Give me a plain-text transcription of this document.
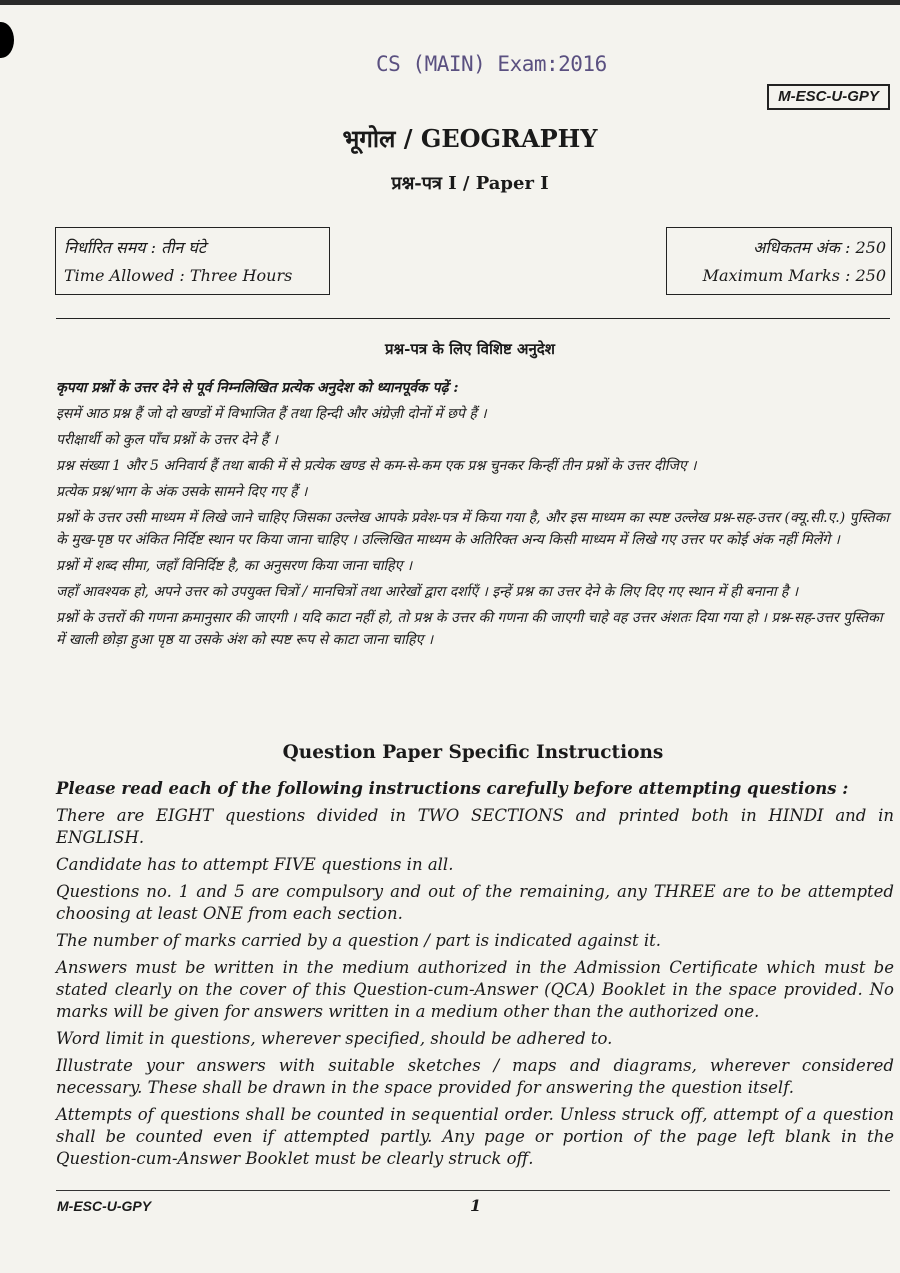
CS (MAIN) Exam:2016
M-ESC-U-GPY
भूगोल / GEOGRAPHY
प्रश्न-पत्र I / Paper I
निर्धारित समय : तीन घंटे
Time Allowed : Three Hours
अधिकतम अंक : 250
Maximum Marks : 250
प्रश्न-पत्र के लिए विशिष्ट अनुदेश

कृपया प्रश्नों के उत्तर देने से पूर्व निम्नलिखित प्रत्येक अनुदेश को ध्यानपूर्वक पढ़ें :

इसमें आठ प्रश्न हैं जो दो खण्डों में विभाजित हैं तथा हिन्दी और अंग्रेज़ी दोनों में छपे हैं ।

परीक्षार्थी को कुल पाँच प्रश्नों के उत्तर देने हैं ।

प्रश्न संख्या 1 और 5 अनिवार्य हैं तथा बाकी में से प्रत्येक खण्ड से कम-से-कम एक प्रश्न चुनकर किन्हीं तीन प्रश्नों के उत्तर दीजिए ।

प्रत्येक प्रश्न/भाग के अंक उसके सामने दिए गए हैं ।

प्रश्नों के उत्तर उसी माध्यम में लिखे जाने चाहिए जिसका उल्लेख आपके प्रवेश-पत्र में किया गया है, और इस माध्यम का स्पष्ट उल्लेख प्रश्न-सह-उत्तर (क्यू.सी.ए.) पुस्तिका के मुख-पृष्ठ पर अंकित निर्दिष्ट स्थान पर किया जाना चाहिए । उल्लिखित माध्यम के अतिरिक्त अन्य किसी माध्यम में लिखे गए उत्तर पर कोई अंक नहीं मिलेंगे ।

प्रश्नों में शब्द सीमा, जहाँ विनिर्दिष्ट है, का अनुसरण किया जाना चाहिए ।

जहाँ आवश्यक हो, अपने उत्तर को उपयुक्त चित्रों / मानचित्रों तथा आरेखों द्वारा दर्शाएँ । इन्हें प्रश्न का उत्तर देने के लिए दिए गए स्थान में ही बनाना है ।

प्रश्नों के उत्तरों की गणना क्रमानुसार की जाएगी । यदि काटा नहीं हो, तो प्रश्न के उत्तर की गणना की जाएगी चाहे वह उत्तर अंशतः दिया गया हो । प्रश्न-सह-उत्तर पुस्तिका में खाली छोड़ा हुआ पृष्ठ या उसके अंश को स्पष्ट रूप से काटा जाना चाहिए ।

Question Paper Specific Instructions

Please read each of the following instructions carefully before attempting questions :

There are EIGHT questions divided in TWO SECTIONS and printed both in HINDI and in ENGLISH.

Candidate has to attempt FIVE questions in all.

Questions no. 1 and 5 are compulsory and out of the remaining, any THREE are to be attempted choosing at least ONE from each section.

The number of marks carried by a question / part is indicated against it.

Answers must be written in the medium authorized in the Admission Certificate which must be stated clearly on the cover of this Question-cum-Answer (QCA) Booklet in the space provided. No marks will be given for answers written in a medium other than the authorized one.

Word limit in questions, wherever specified, should be adhered to.

Illustrate your answers with suitable sketches / maps and diagrams, wherever considered necessary. These shall be drawn in the space provided for answering the question itself.

Attempts of questions shall be counted in sequential order. Unless struck off, attempt of a question shall be counted even if attempted partly. Any page or portion of the page left blank in the Question-cum-Answer Booklet must be clearly struck off.

M-ESC-U-GPY	1
